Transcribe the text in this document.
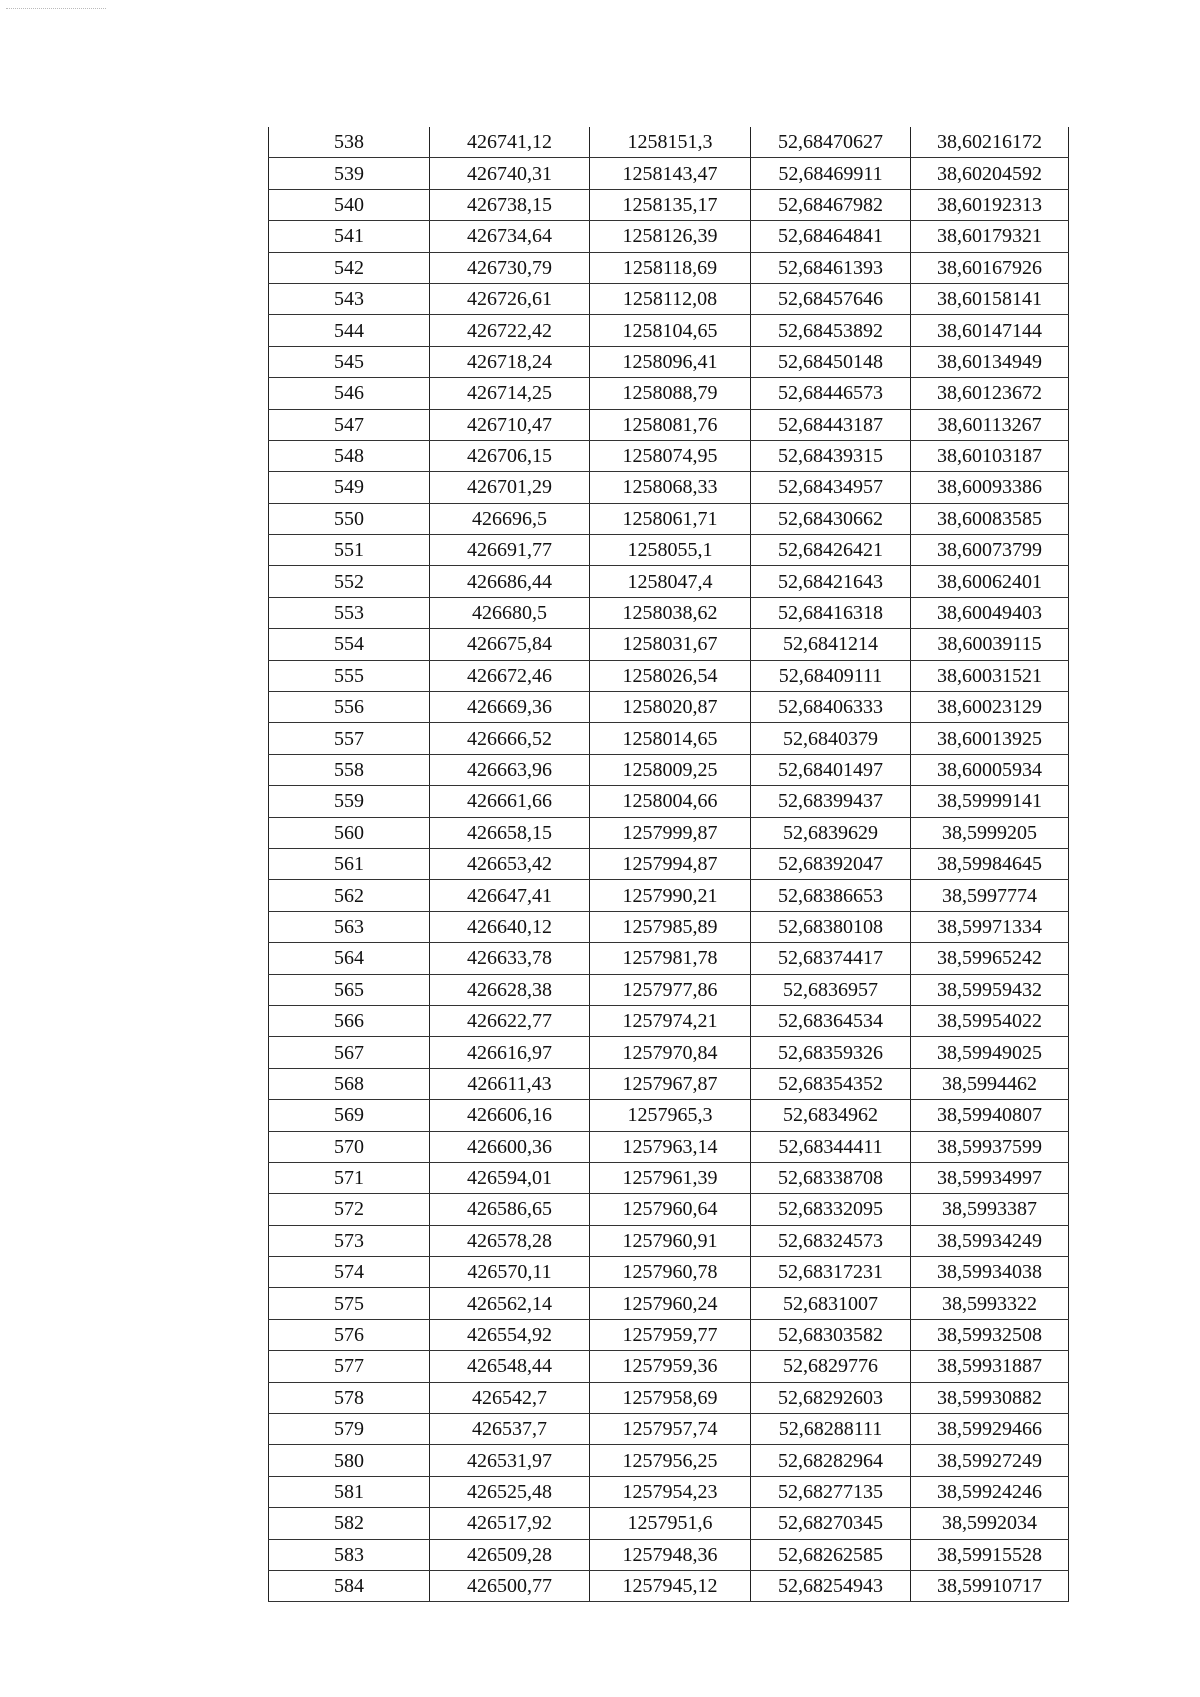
538	426741,12	1258151,3	52,68470627	38,60216172
539	426740,31	1258143,47	52,68469911	38,60204592
540	426738,15	1258135,17	52,68467982	38,60192313
541	426734,64	1258126,39	52,68464841	38,60179321
542	426730,79	1258118,69	52,68461393	38,60167926
543	426726,61	1258112,08	52,68457646	38,60158141
544	426722,42	1258104,65	52,68453892	38,60147144
545	426718,24	1258096,41	52,68450148	38,60134949
546	426714,25	1258088,79	52,68446573	38,60123672
547	426710,47	1258081,76	52,68443187	38,60113267
548	426706,15	1258074,95	52,68439315	38,60103187
549	426701,29	1258068,33	52,68434957	38,60093386
550	426696,5	1258061,71	52,68430662	38,60083585
551	426691,77	1258055,1	52,68426421	38,60073799
552	426686,44	1258047,4	52,68421643	38,60062401
553	426680,5	1258038,62	52,68416318	38,60049403
554	426675,84	1258031,67	52,6841214	38,60039115
555	426672,46	1258026,54	52,68409111	38,60031521
556	426669,36	1258020,87	52,68406333	38,60023129
557	426666,52	1258014,65	52,6840379	38,60013925
558	426663,96	1258009,25	52,68401497	38,60005934
559	426661,66	1258004,66	52,68399437	38,59999141
560	426658,15	1257999,87	52,6839629	38,5999205
561	426653,42	1257994,87	52,68392047	38,59984645
562	426647,41	1257990,21	52,68386653	38,5997774
563	426640,12	1257985,89	52,68380108	38,59971334
564	426633,78	1257981,78	52,68374417	38,59965242
565	426628,38	1257977,86	52,6836957	38,59959432
566	426622,77	1257974,21	52,68364534	38,59954022
567	426616,97	1257970,84	52,68359326	38,59949025
568	426611,43	1257967,87	52,68354352	38,5994462
569	426606,16	1257965,3	52,6834962	38,59940807
570	426600,36	1257963,14	52,68344411	38,59937599
571	426594,01	1257961,39	52,68338708	38,59934997
572	426586,65	1257960,64	52,68332095	38,5993387
573	426578,28	1257960,91	52,68324573	38,59934249
574	426570,11	1257960,78	52,68317231	38,59934038
575	426562,14	1257960,24	52,6831007	38,5993322
576	426554,92	1257959,77	52,68303582	38,59932508
577	426548,44	1257959,36	52,6829776	38,59931887
578	426542,7	1257958,69	52,68292603	38,59930882
579	426537,7	1257957,74	52,68288111	38,59929466
580	426531,97	1257956,25	52,68282964	38,59927249
581	426525,48	1257954,23	52,68277135	38,59924246
582	426517,92	1257951,6	52,68270345	38,5992034
583	426509,28	1257948,36	52,68262585	38,59915528
584	426500,77	1257945,12	52,68254943	38,59910717
